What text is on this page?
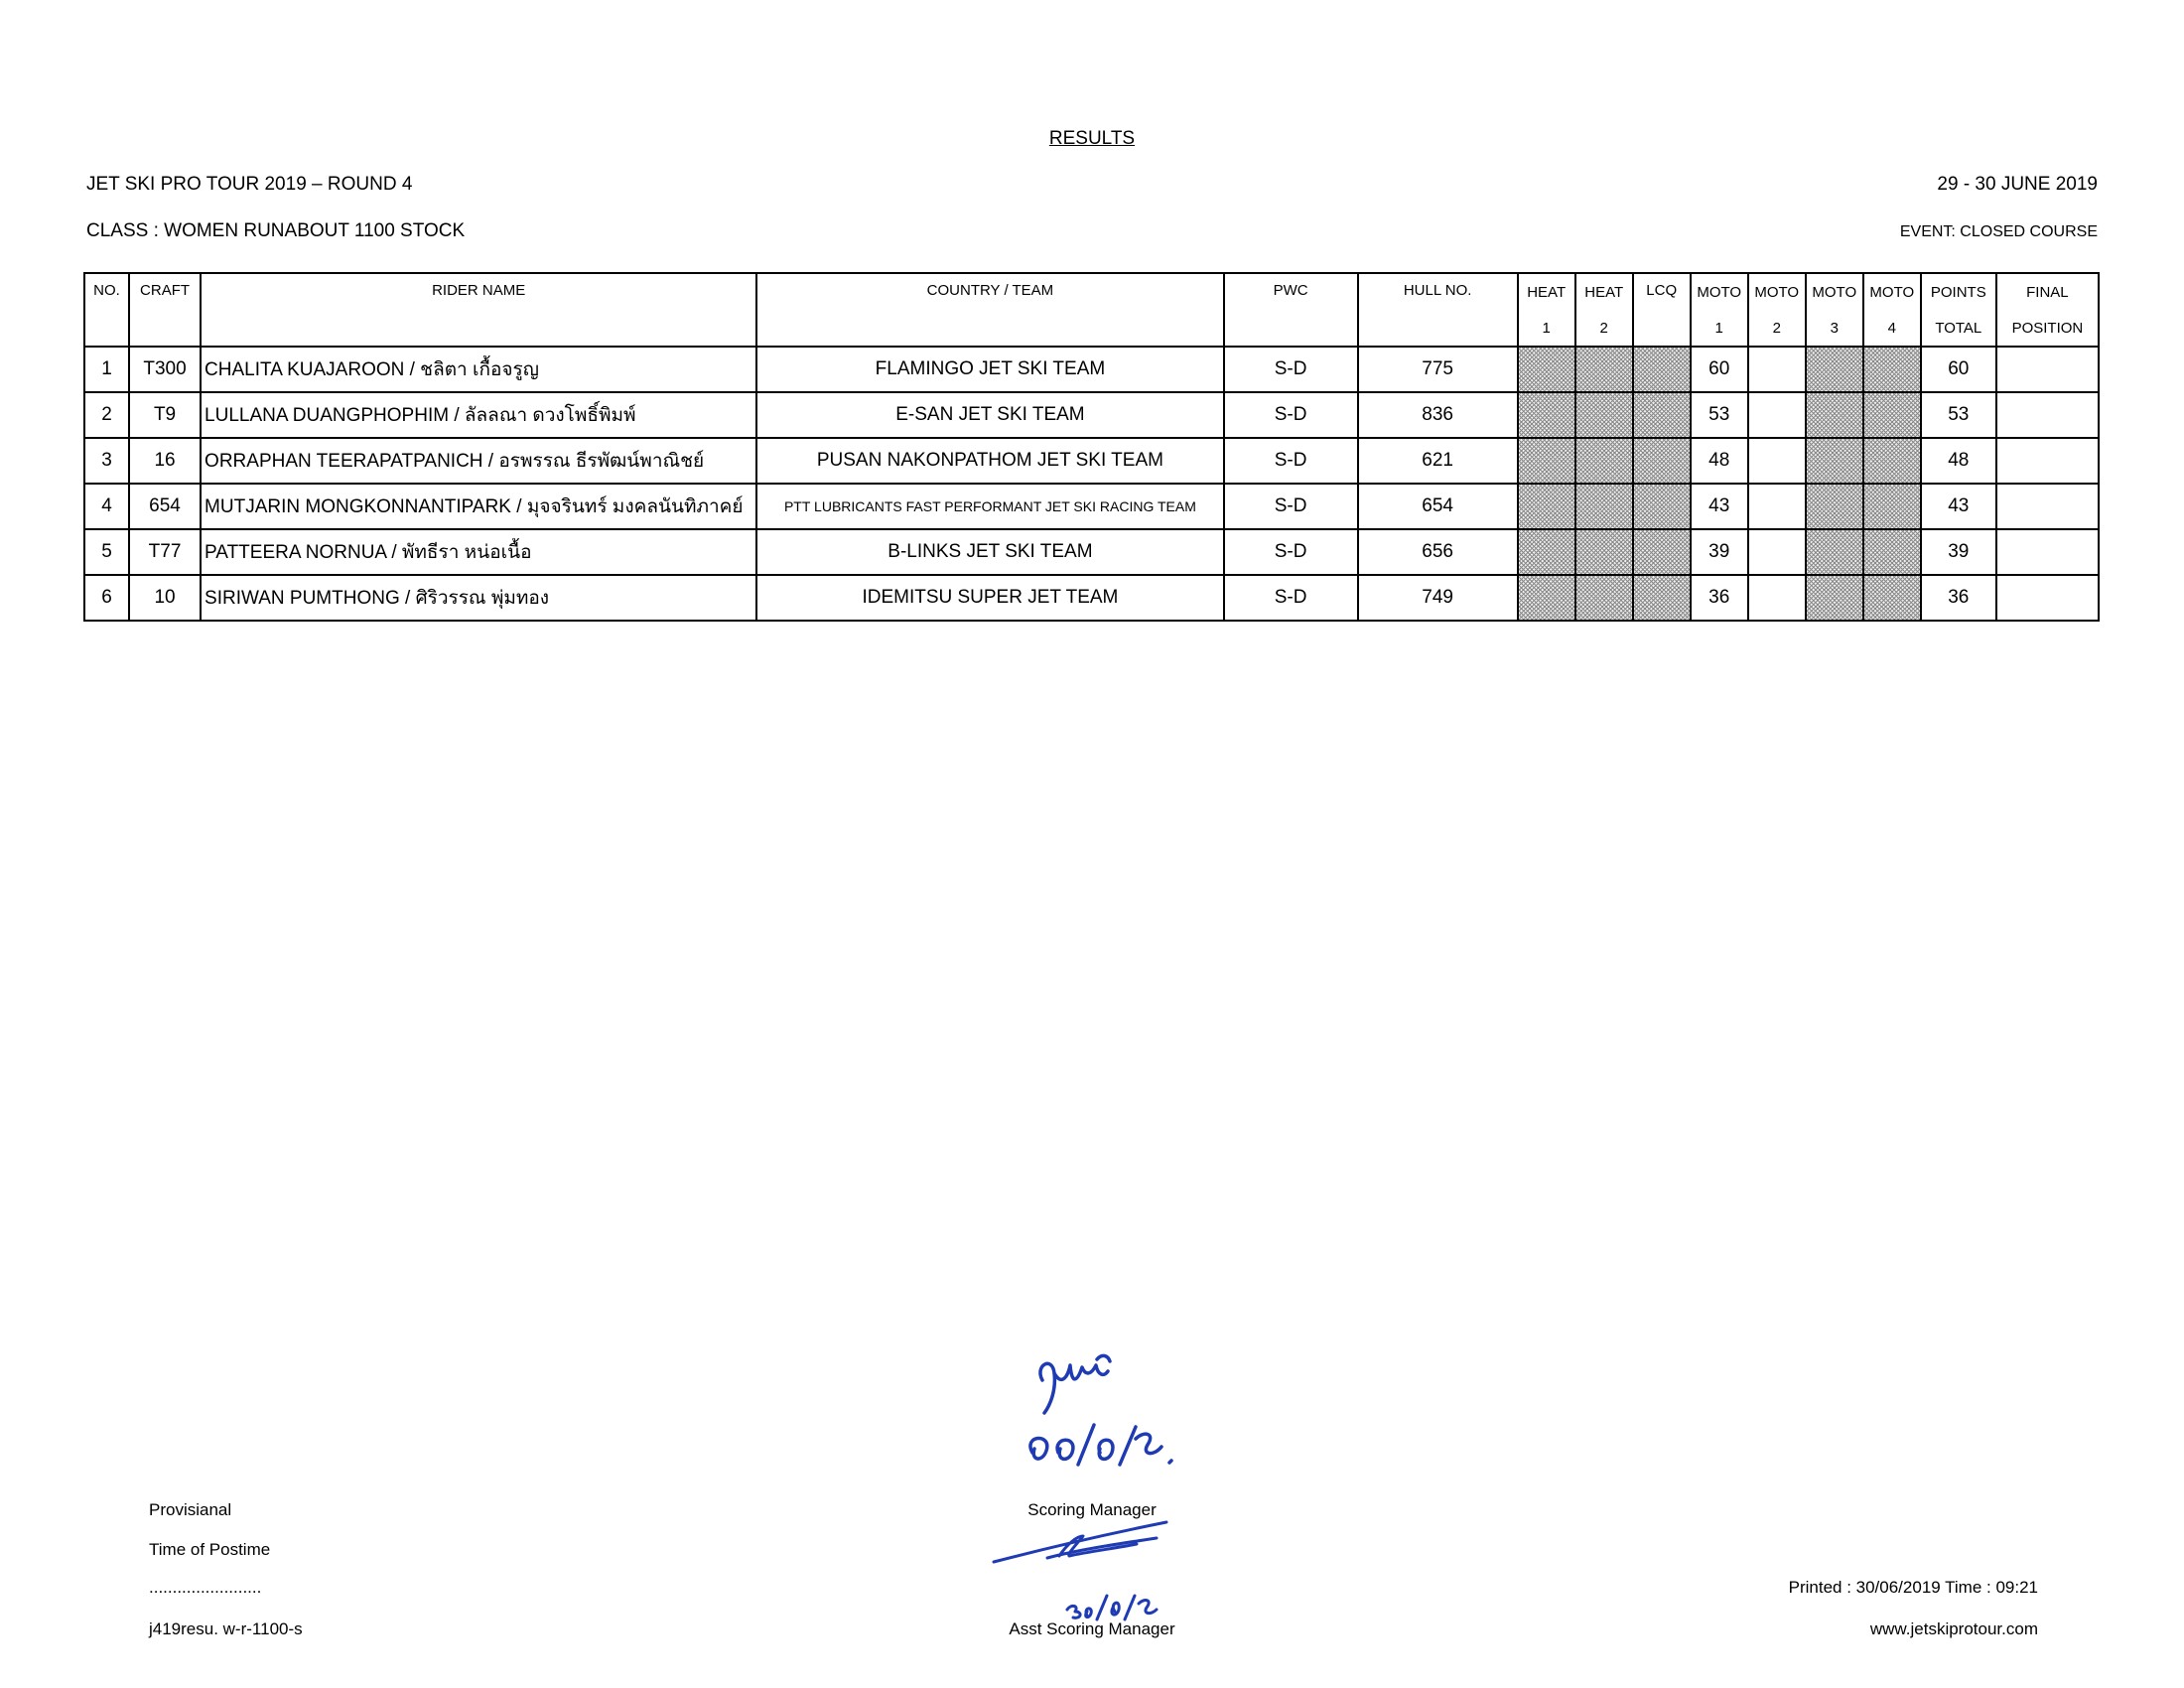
RESULTS
JET SKI PRO TOUR 2019 – ROUND 4	29 - 30 JUNE 2019
CLASS : WOMEN RUNABOUT 1100 STOCK	EVENT: CLOSED COURSE
NO.	CRAFT	RIDER NAME	COUNTRY / TEAM	PWC	HULL NO.	HEAT	HEAT	LCQ	MOTO	MOTO	MOTO	MOTO	POINTS	FINAL
						1	2		1	2	3	4	TOTAL	POSITION
1	T300	CHALITA KUAJAROON / ชลิตา เกื้อจรูญ	FLAMINGO JET SKI TEAM	S-D	775				60				60	
2	T9	LULLANA DUANGPHOPHIM / ลัลลณา ดวงโพธิ์พิมพ์	E-SAN JET SKI TEAM	S-D	836				53				53	
3	16	ORRAPHAN TEERAPATPANICH / อรพรรณ ธีรพัฒน์พาณิชย์	PUSAN NAKONPATHOM JET SKI TEAM	S-D	621				48				48	
4	654	MUTJARIN MONGKONNANTIPARK / มุจจรินทร์ มงคลนันทิภาคย์	PTT LUBRICANTS FAST PERFORMANT JET SKI RACING TEAM	S-D	654				43				43	
5	T77	PATTEERA NORNUA / พัทธีรา หน่อเนื้อ	B-LINKS JET SKI TEAM	S-D	656				39				39	
6	10	SIRIWAN PUMTHONG / ศิริวรรณ พุ่มทอง	IDEMITSU SUPER JET TEAM	S-D	749				36				36	
Provisianal
Time of Postime
........................
j419resu. w-r-1100-s
Scoring Manager
Asst Scoring Manager
Printed : 30/06/2019 Time : 09:21
www.jetskiprotour.com
